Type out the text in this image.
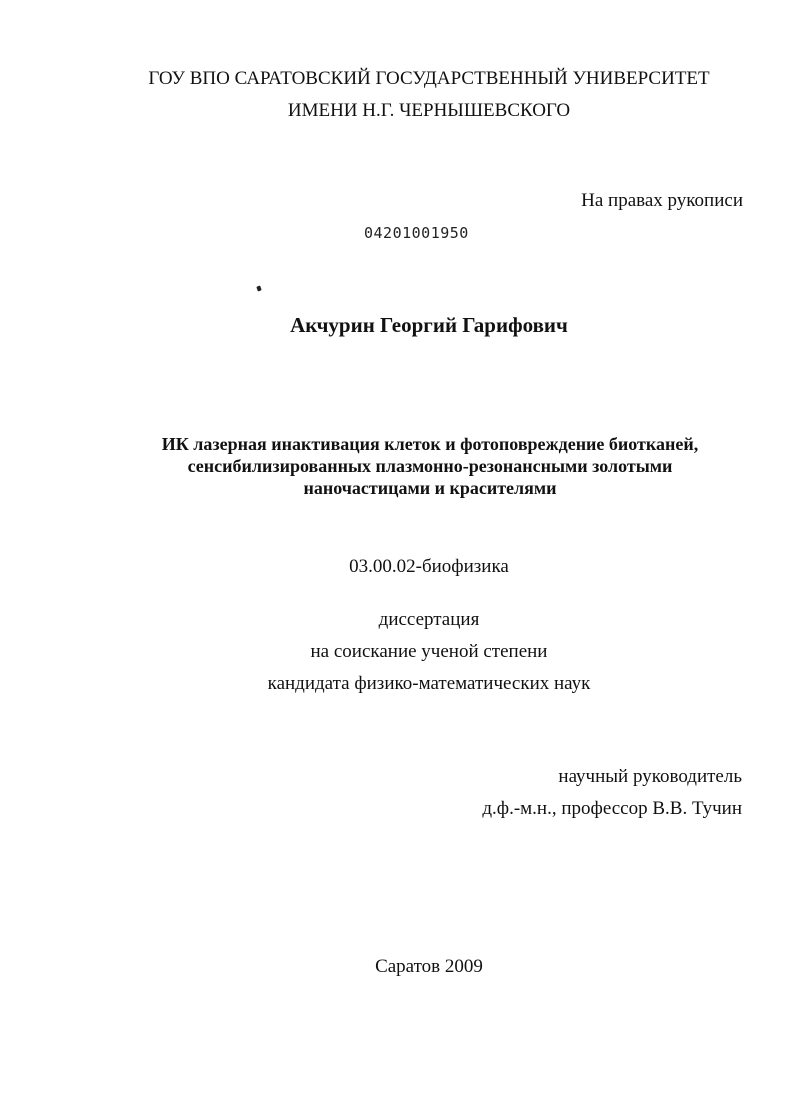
ГОУ ВПО САРАТОВСКИЙ ГОСУДАРСТВЕННЫЙ УНИВЕРСИТЕТ
ИМЕНИ Н.Г. ЧЕРНЫШЕВСКОГО
На правах рукописи
04201001950
Акчурин Георгий Гарифович
ИК лазерная инактивация клеток и фотоповреждение биотканей,
сенсибилизированных плазмонно-резонансными золотыми
наночастицами и красителями
03.00.02-биофизика
диссертация
на соискание ученой степени
кандидата физико-математических наук
научный руководитель
д.ф.-м.н., профессор В.В. Тучин
Саратов 2009
